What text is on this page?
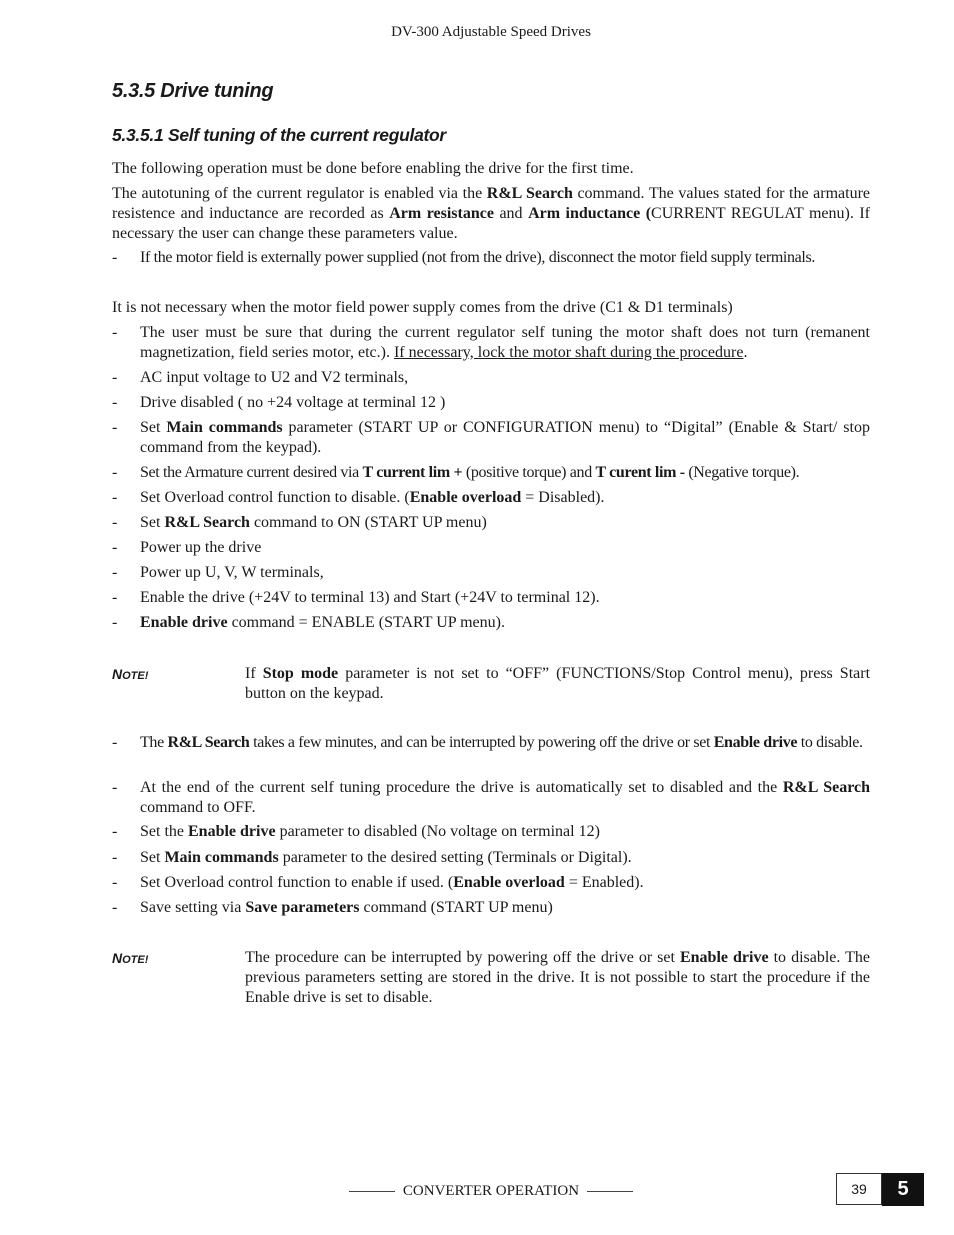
DV-300 Adjustable Speed Drives
5.3.5 Drive tuning
5.3.5.1 Self tuning of the current regulator
The following operation must be done before enabling the drive for the first time.
The autotuning of the current regulator is enabled via the R&L Search command. The values stated for the armature resistence and inductance are recorded as Arm resistance and Arm inductance (CURRENT REGULAT menu). If necessary the user can change these parameters value.
- If the motor field is externally power supplied (not from the drive), disconnect the motor field supply terminals.
It is not necessary when the motor field power supply comes from the drive (C1 & D1 terminals)
- The user must be sure that during the current regulator self tuning the motor shaft does not turn (remanent magnetization, field series motor, etc.). If necessary, lock the motor shaft during the procedure.
- AC input voltage to U2 and V2 terminals,
- Drive disabled ( no +24 voltage at terminal 12 )
- Set Main commands parameter (START UP or CONFIGURATION menu) to “Digital” (Enable & Start/ stop command from the keypad).
- Set the Armature current desired via T current lim + (positive torque) and T curent lim - (Negative torque).
- Set Overload control function to disable. (Enable overload = Disabled).
- Set R&L Search command to ON (START UP menu)
- Power up the drive
- Power up U, V, W terminals,
- Enable the drive (+24V to terminal 13) and Start (+24V to terminal 12).
- Enable drive command = ENABLE (START UP menu).
NOTE!	If Stop mode parameter is not set to “OFF” (FUNCTIONS/Stop Control menu), press Start button on the keypad.
- The R&L Search takes a few minutes, and can be interrupted by powering off the drive or set Enable drive to disable.
- At the end of the current self tuning procedure the drive is automatically set to disabled and the R&L Search command to OFF.
- Set the Enable drive parameter to disabled (No voltage on terminal 12)
- Set Main commands parameter to the desired setting (Terminals or Digital).
- Set Overload control function to enable if used. (Enable overload = Enabled).
- Save setting via Save parameters command (START UP menu)
NOTE!	The procedure can be interrupted by powering off the drive or set Enable drive to disable. The previous parameters setting are stored in the drive. It is not possible to start the procedure if the Enable drive is set to disable.
CONVERTER OPERATION	39	5
